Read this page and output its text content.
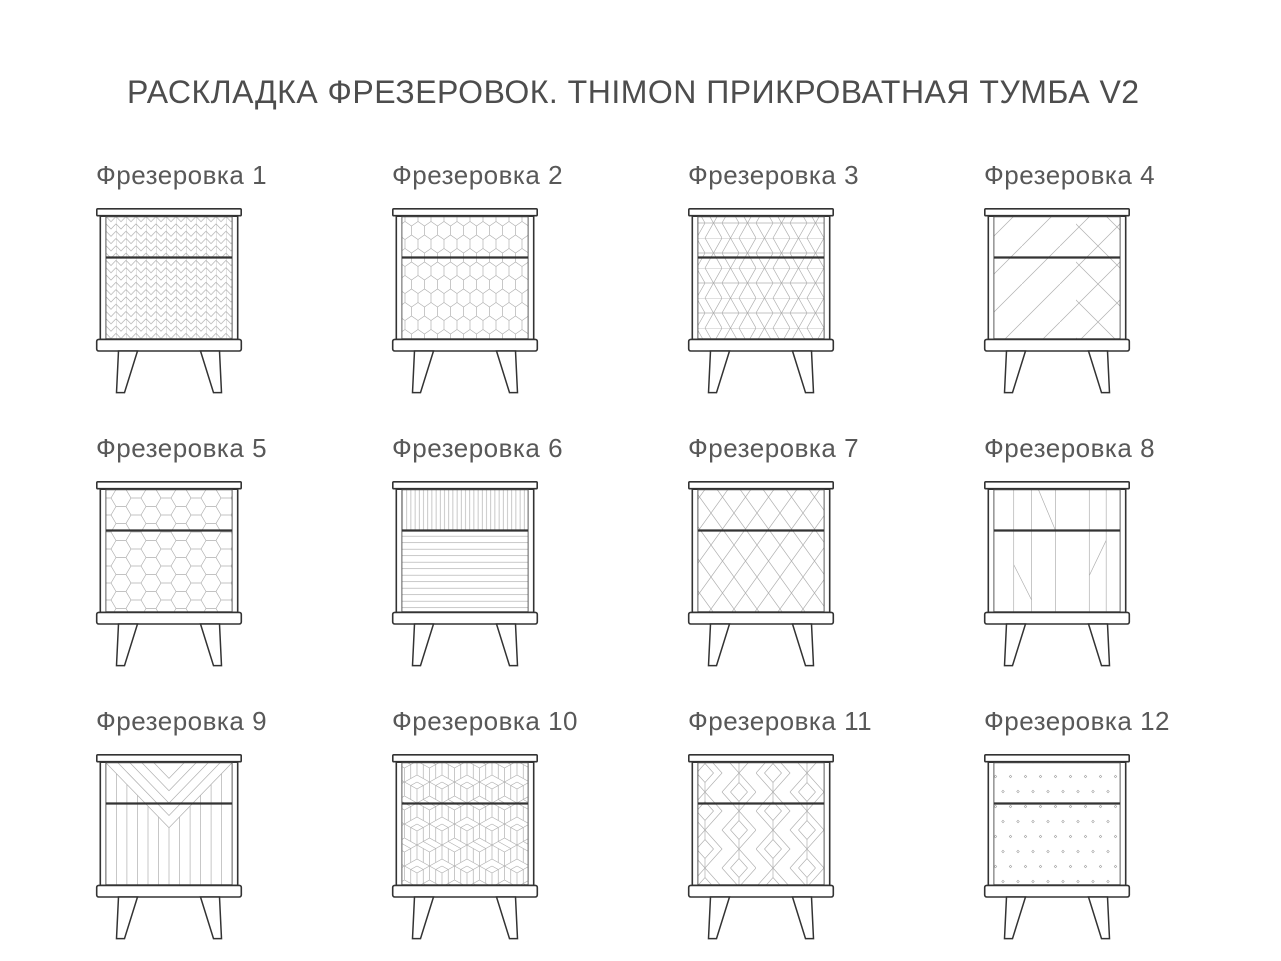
РАСКЛАДКА ФРЕЗЕРОВОК. THIMON ПРИКРОВАТНАЯ ТУМБА V2
Фрезеровка 1	Фрезеровка 2	Фрезеровка 3	Фрезеровка 4
Фрезеровка 5	Фрезеровка 6	Фрезеровка 7	Фрезеровка 8
Фрезеровка 9	Фрезеровка 10	Фрезеровка 11	Фрезеровка 12
